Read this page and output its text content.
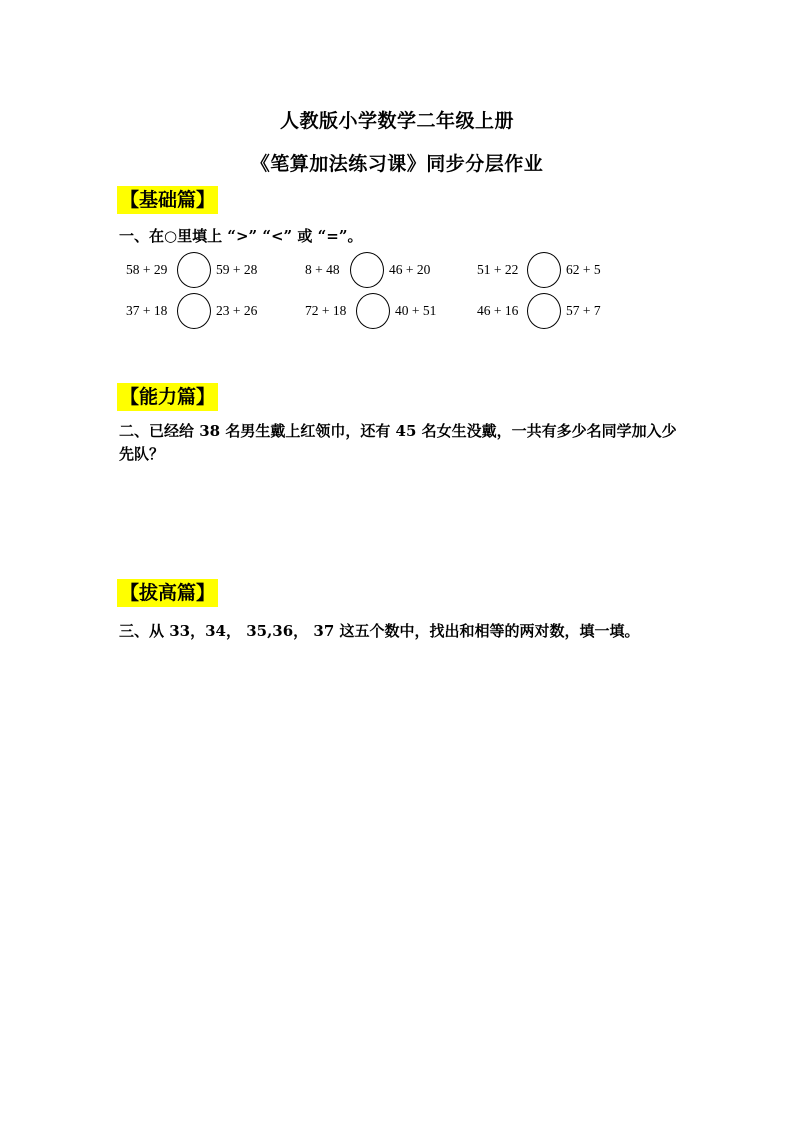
人教版小学数学二年级上册
《笔算加法练习课》同步分层作业
【基础篇】
一、在○里填上 “>” “<” 或 “=”。
58 + 29	59 + 28	8 + 48	46 + 20	51 + 22	62 + 5
37 + 18	23 + 26	72 + 18	40 + 51	46 + 16	57 + 7
【能力篇】
二、已经给 38 名男生戴上红领巾，还有 45 名女生没戴，一共有多少名同学加入少先队？
【拔高篇】
三、从 33，34， 35,36， 37 这五个数中，找出和相等的两对数，填一填。
